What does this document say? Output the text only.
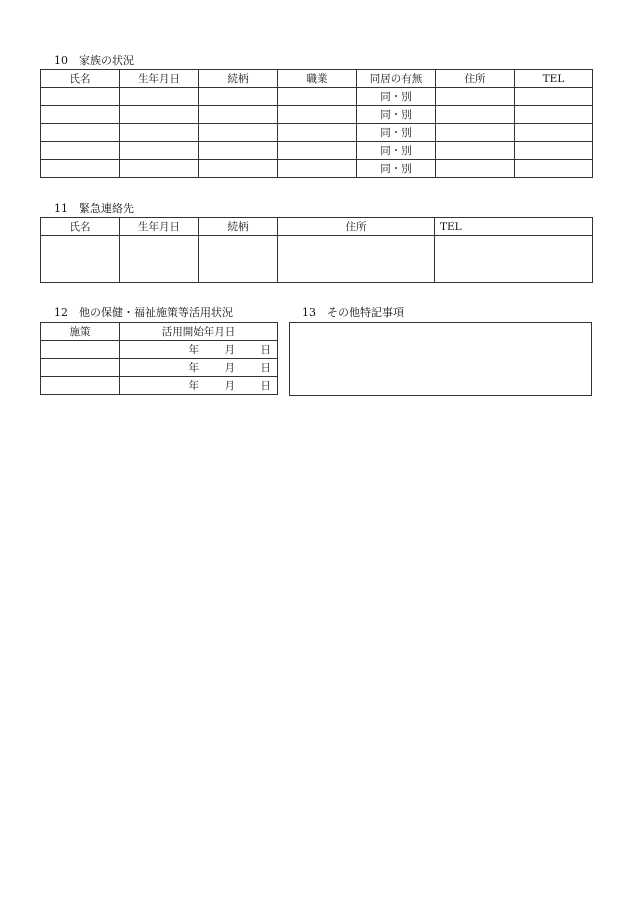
10　家族の状況
氏名	生年月日	続柄	職業	同居の有無	住所	TEL
				同・別		
				同・別		
				同・別		
				同・別		
				同・別		
11　緊急連絡先
氏名	生年月日	続柄	住所	TEL

12　他の保健・福祉施策等活用状況
施策	活用開始年月日

	年 月 日

	年 月 日

	年 月 日
13　その他特記事項
